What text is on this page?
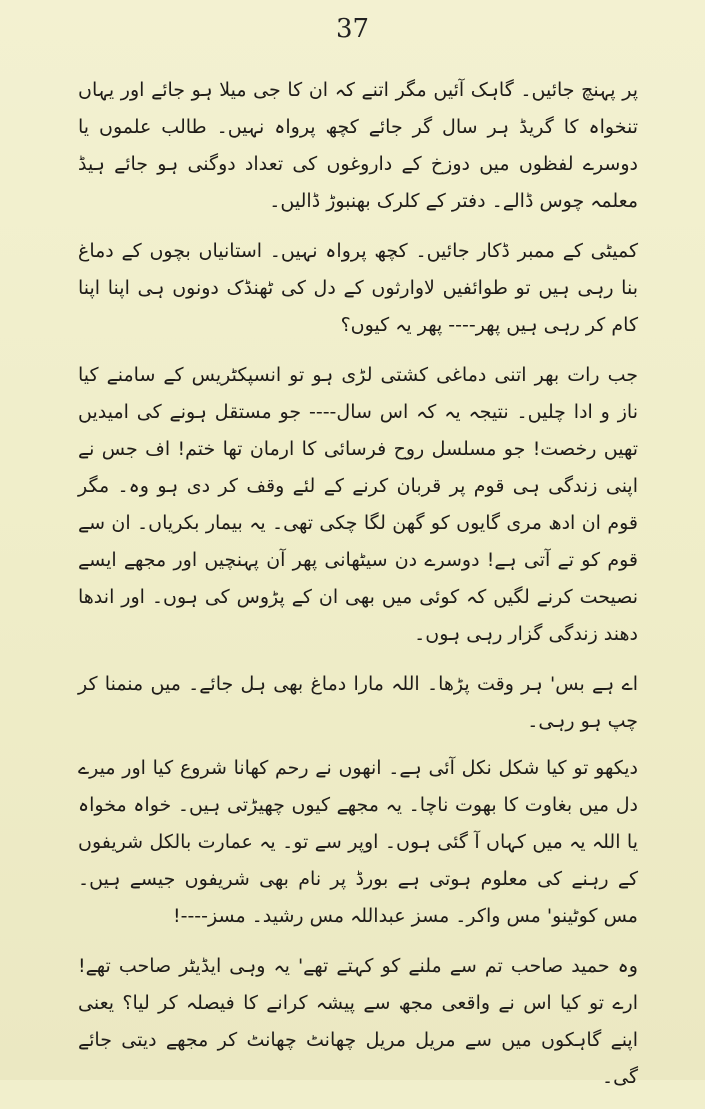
37

پر پہنچ جائیں۔ گاہک آئیں مگر اتنے کہ ان کا جی میلا ہو جائے اور یہاں تنخواہ کا گریڈ ہر سال گر جائے کچھ پرواہ نہیں۔ طالب علموں یا دوسرے لفظوں میں دوزخ کے داروغوں کی تعداد دوگنی ہو جائے ہیڈ معلمہ چوس ڈالے۔ دفتر کے کلرک بھنبوڑ ڈالیں۔

کمیٹی کے ممبر ڈکار جائیں۔ کچھ پرواہ نہیں۔ استانیاں بچوں کے دماغ بنا رہی ہیں تو طوائفیں لاوارثوں کے دل کی ٹھنڈک دونوں ہی اپنا اپنا کام کر رہی ہیں پھر---- پھر یہ کیوں؟

جب رات بھر اتنی دماغی کشتی لڑی ہو تو انسپکٹریس کے سامنے کیا ناز و ادا چلیں۔ نتیجہ یہ کہ اس سال---- جو مستقل ہونے کی امیدیں تھیں رخصت! جو مسلسل روح فرسائی کا ارمان تھا ختم! اف جس نے اپنی زندگی ہی قوم پر قربان کرنے کے لئے وقف کر دی ہو وہ۔ مگر قوم ان ادھ مری گایوں کو گھن لگا چکی تھی۔ یہ بیمار بکریاں۔ ان سے قوم کو تے آتی ہے! دوسرے دن سیٹھانی پھر آن پہنچیں اور مجھے ایسے نصیحت کرنے لگیں کہ کوئی میں بھی ان کے پڑوس کی ہوں۔ اور اندھا دھند زندگی گزار رہی ہوں۔

اے ہے بس' ہر وقت پڑھا۔ اللہ مارا دماغ بھی ہل جائے۔ میں منمنا کر چپ ہو رہی۔

دیکھو تو کیا شکل نکل آئی ہے۔ انھوں نے رحم کھانا شروع کیا اور میرے دل میں بغاوت کا بھوت ناچا۔ یہ مجھے کیوں چھیڑتی ہیں۔ خواہ مخواہ یا اللہ یہ میں کہاں آ گئی ہوں۔ اوپر سے تو۔ یہ عمارت بالکل شریفوں کے رہنے کی معلوم ہوتی ہے بورڈ پر نام بھی شریفوں جیسے ہیں۔ مس کوٹینو' مس واکر۔ مسز عبداللہ مس رشید۔ مسز----!

وہ حمید صاحب تم سے ملنے کو کہتے تھے' یہ وہی ایڈیٹر صاحب تھے! ارے تو کیا اس نے واقعی مجھ سے پیشہ کرانے کا فیصلہ کر لیا؟ یعنی اپنے گاہکوں میں سے مریل مریل چھانٹ چھانٹ کر مجھے دیتی جائے گی۔
